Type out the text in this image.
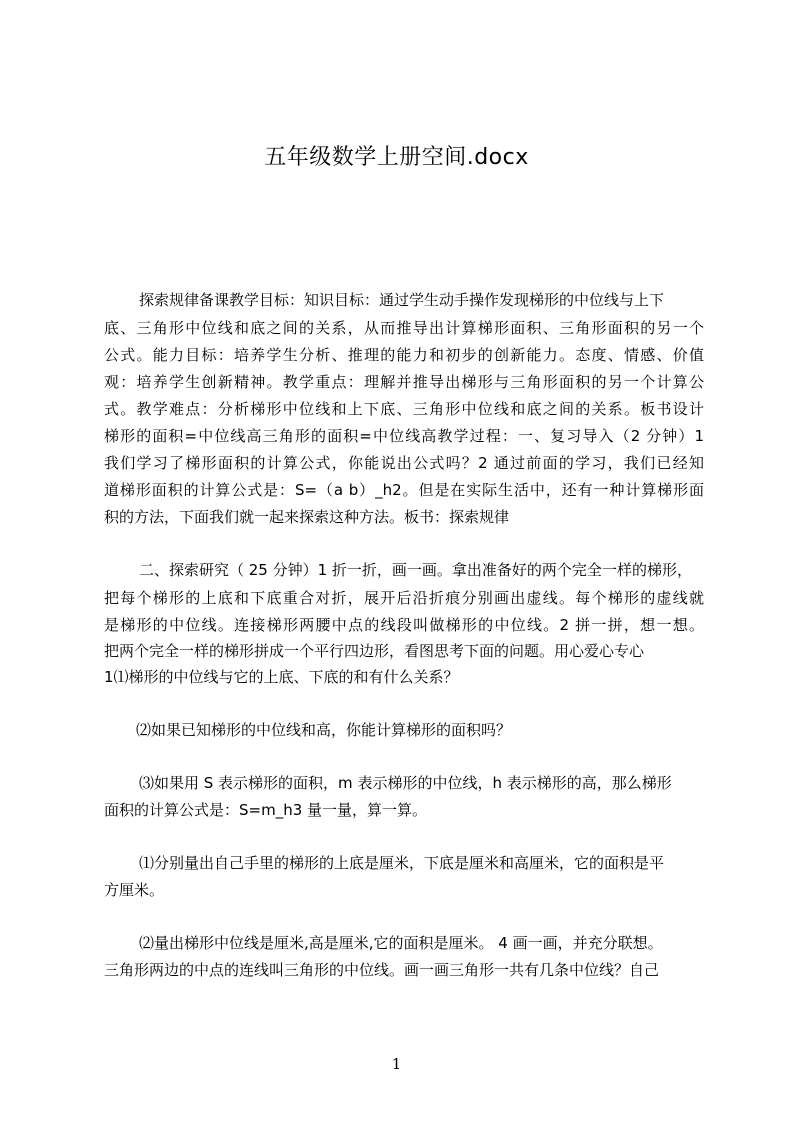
五年级数学上册空间.docx
探索规律备课教学目标：知识目标：通过学生动手操作发现梯形的中位线与上下
底、三角形中位线和底之间的关系，从而推导出计算梯形面积、三角形面积的另一个
公式。能力目标：培养学生分析、推理的能力和初步的创新能力。态度、情感、价值
观：培养学生创新精神。教学重点：理解并推导出梯形与三角形面积的另一个计算公
式。教学难点：分析梯形中位线和上下底、三角形中位线和底之间的关系。板书设计
梯形的面积=中位线高三角形的面积=中位线高教学过程：一、复习导入（2 分钟）1
我们学习了梯形面积的计算公式，你能说出公式吗？2 通过前面的学习，我们已经知
道梯形面积的计算公式是：S=（a b）_h2。但是在实际生活中，还有一种计算梯形面
积的方法，下面我们就一起来探索这种方法。板书：探索规律
二、探索研究（ 25 分钟）1 折一折，画一画。拿出准备好的两个完全一样的梯形，
把每个梯形的上底和下底重合对折，展开后沿折痕分别画出虚线。每个梯形的虚线就
是梯形的中位线。连接梯形两腰中点的线段叫做梯形的中位线。2 拼一拼，想一想。
把两个完全一样的梯形拼成一个平行四边形，看图思考下面的问题。用心爱心专心
1⑴梯形的中位线与它的上底、下底的和有什么关系？
⑵如果已知梯形的中位线和高，你能计算梯形的面积吗？
⑶如果用 S 表示梯形的面积，m 表示梯形的中位线，h 表示梯形的高，那么梯形
面积的计算公式是：S=m_h3 量一量，算一算。
⑴分别量出自己手里的梯形的上底是厘米，下底是厘米和高厘米，它的面积是平
方厘米。
⑵量出梯形中位线是厘米,高是厘米,它的面积是厘米。 4 画一画，并充分联想。
三角形两边的中点的连线叫三角形的中位线。画一画三角形一共有几条中位线？自己
1
